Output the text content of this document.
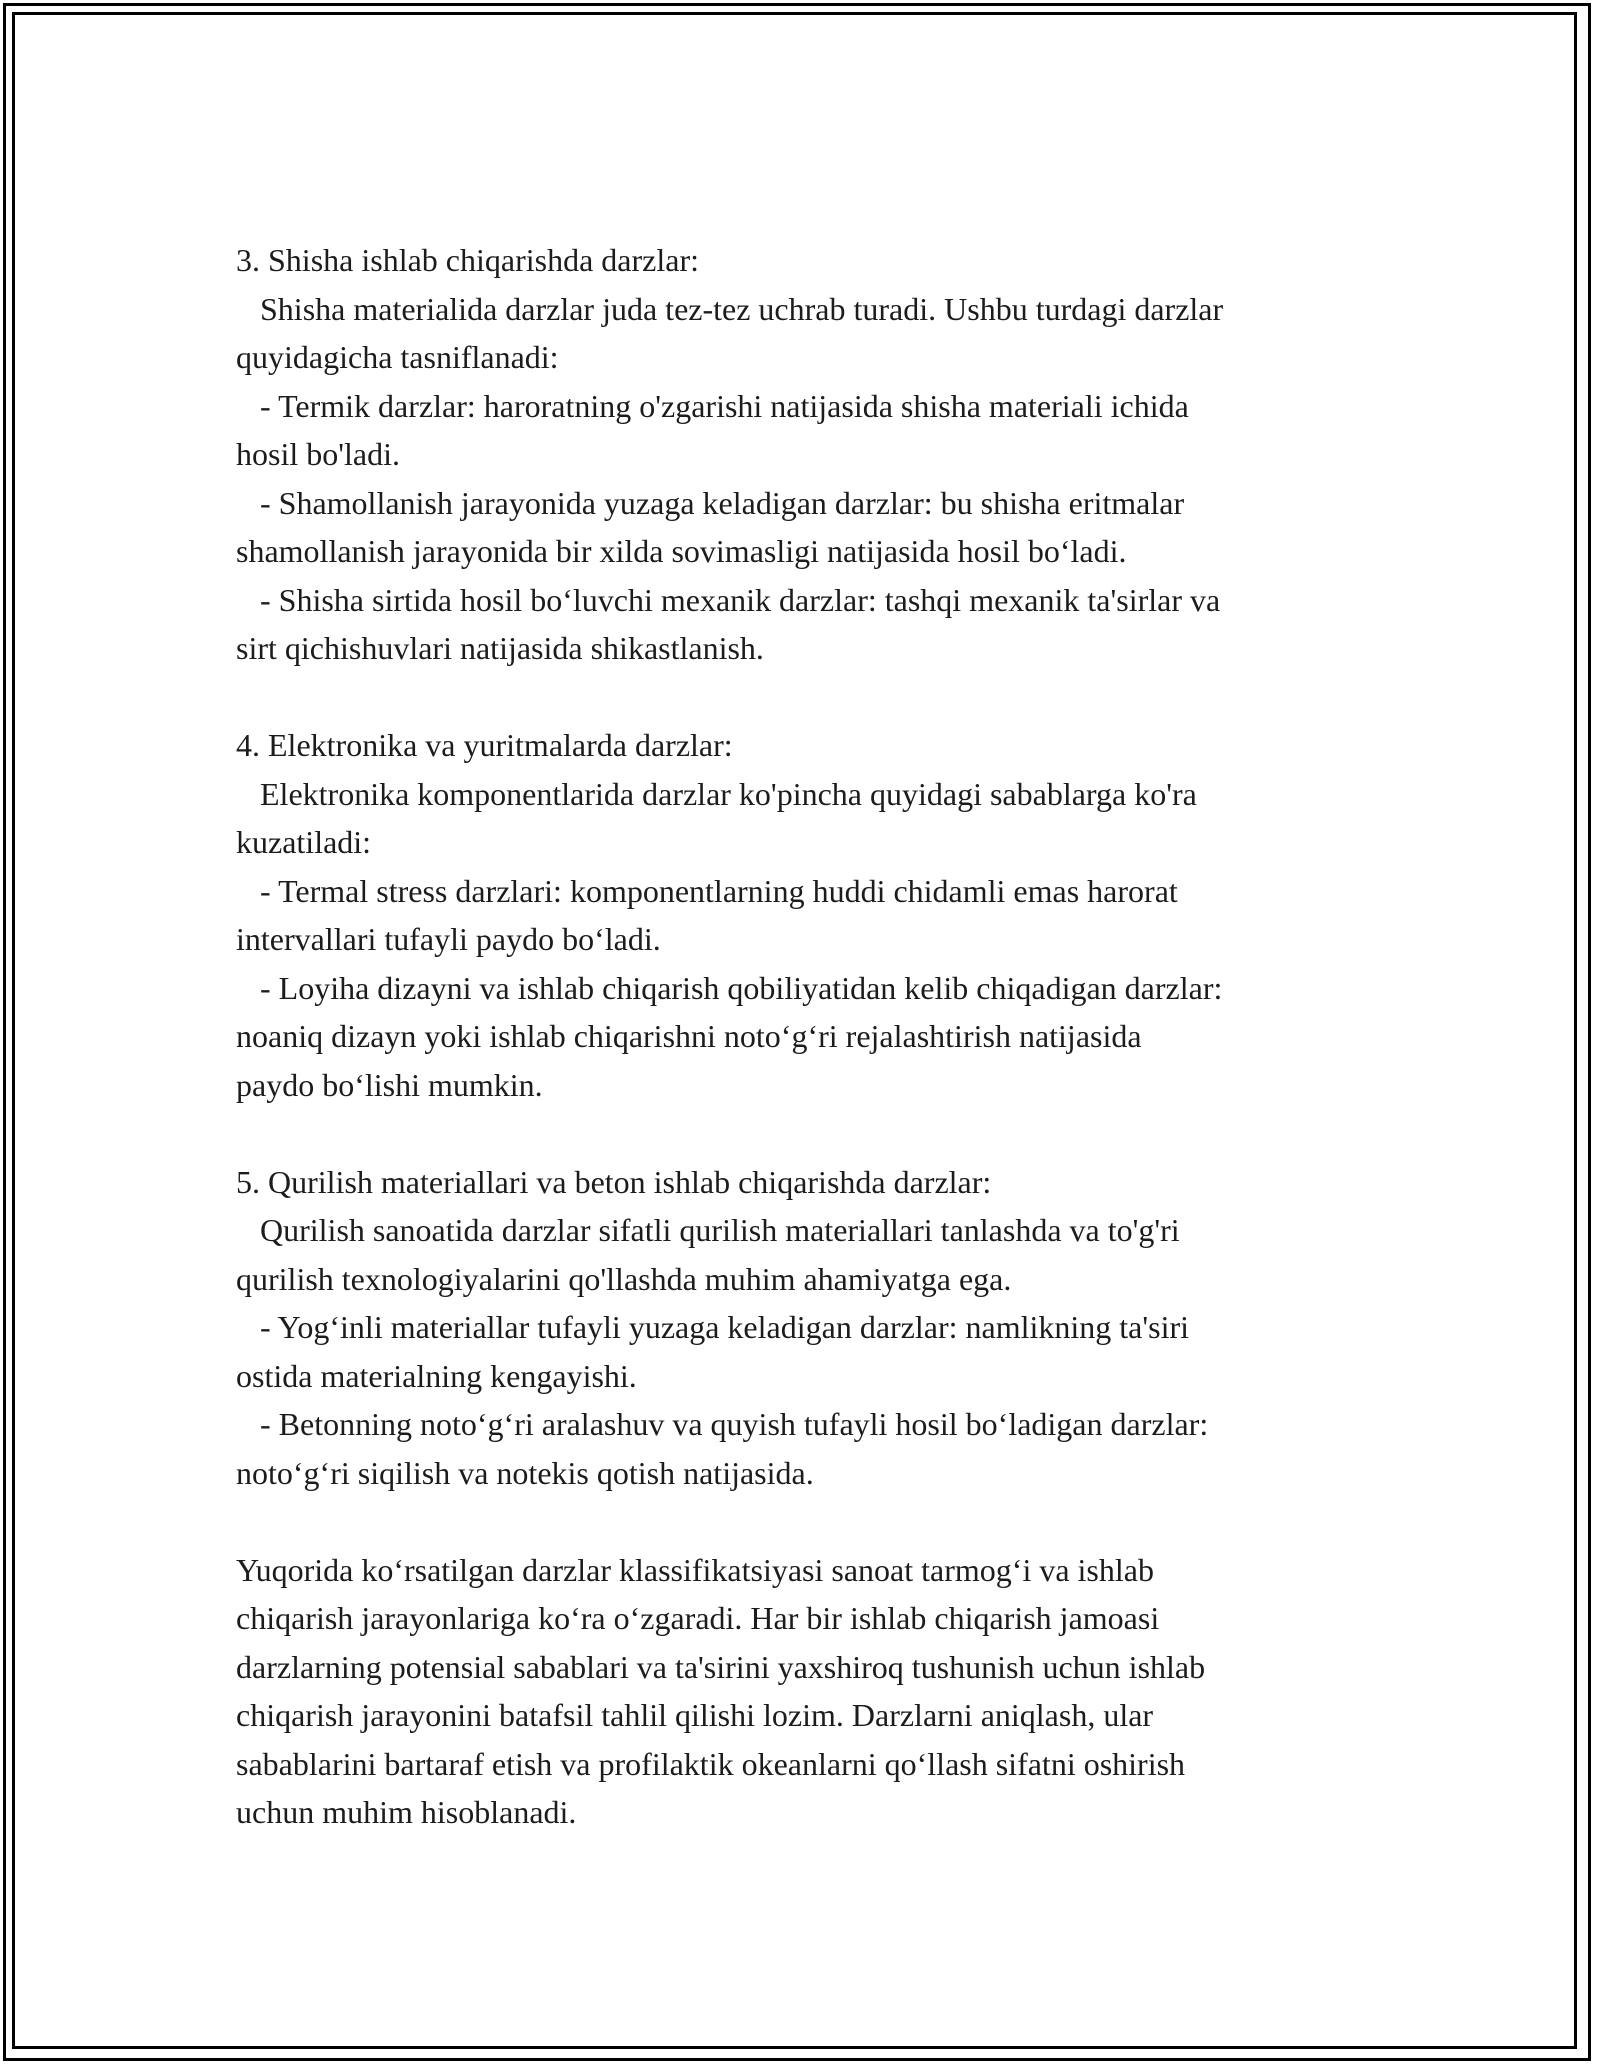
3. Shisha ishlab chiqarishda darzlar:
Shisha materialida darzlar juda tez-tez uchrab turadi. Ushbu turdagi darzlar
quyidagicha tasniflanadi:
- Termik darzlar: haroratning o'zgarishi natijasida shisha materiali ichida
hosil bo'ladi.
- Shamollanish jarayonida yuzaga keladigan darzlar: bu shisha eritmalar
shamollanish jarayonida bir xilda sovimasligi natijasida hosil bo‘ladi.
- Shisha sirtida hosil bo‘luvchi mexanik darzlar: tashqi mexanik ta'sirlar va
sirt qichishuvlari natijasida shikastlanish.
4. Elektronika va yuritmalarda darzlar:
Elektronika komponentlarida darzlar ko'pincha quyidagi sabablarga ko'ra
kuzatiladi:
- Termal stress darzlari: komponentlarning huddi chidamli emas harorat
intervallari tufayli paydo bo‘ladi.
- Loyiha dizayni va ishlab chiqarish qobiliyatidan kelib chiqadigan darzlar:
noaniq dizayn yoki ishlab chiqarishni noto‘g‘ri rejalashtirish natijasida
paydo bo‘lishi mumkin.
5. Qurilish materiallari va beton ishlab chiqarishda darzlar:
Qurilish sanoatida darzlar sifatli qurilish materiallari tanlashda va to'g'ri
qurilish texnologiyalarini qo'llashda muhim ahamiyatga ega.
- Yog‘inli materiallar tufayli yuzaga keladigan darzlar: namlikning ta'siri
ostida materialning kengayishi.
- Betonning noto‘g‘ri aralashuv va quyish tufayli hosil bo‘ladigan darzlar:
noto‘g‘ri siqilish va notekis qotish natijasida.
Yuqorida ko‘rsatilgan darzlar klassifikatsiyasi sanoat tarmog‘i va ishlab
chiqarish jarayonlariga ko‘ra o‘zgaradi. Har bir ishlab chiqarish jamoasi
darzlarning potensial sabablari va ta'sirini yaxshiroq tushunish uchun ishlab
chiqarish jarayonini batafsil tahlil qilishi lozim. Darzlarni aniqlash, ular
sabablarini bartaraf etish va profilaktik okeanlarni qo‘llash sifatni oshirish
uchun muhim hisoblanadi.
